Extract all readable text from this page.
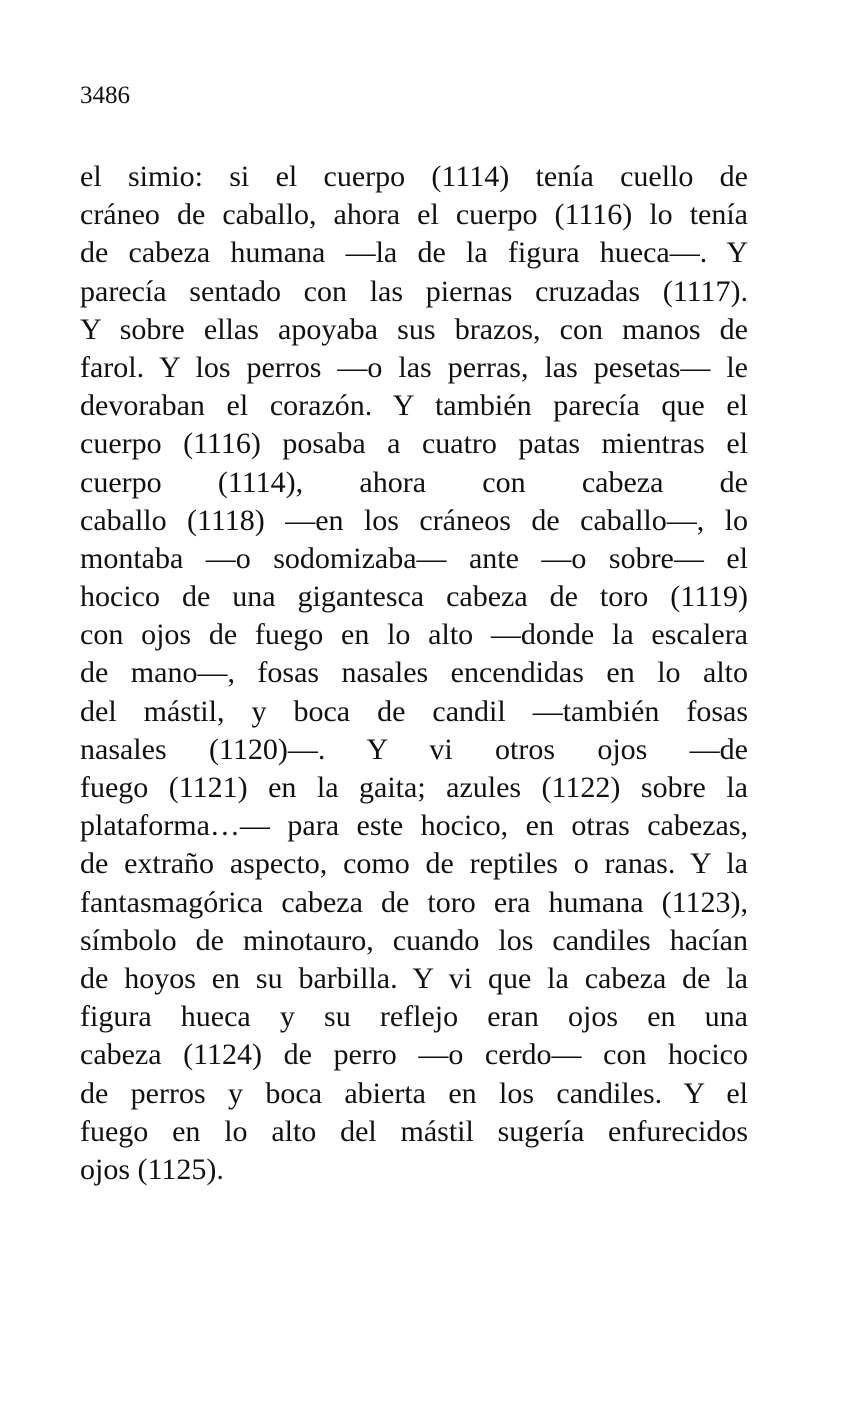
3486

el simio: si el cuerpo (1114) tenía cuello de
cráneo de caballo, ahora el cuerpo (1116) lo tenía
de cabeza humana —la de la figura hueca—. Y
parecía sentado con las piernas cruzadas (1117).
Y sobre ellas apoyaba sus brazos, con manos de
farol. Y los perros —o las perras, las pesetas— le
devoraban el corazón. Y también parecía que el
cuerpo (1116) posaba a cuatro patas mientras el
cuerpo (1114), ahora con cabeza de
caballo (1118) —en los cráneos de caballo—, lo
montaba —o sodomizaba— ante —o sobre— el
hocico de una gigantesca cabeza de toro (1119)
con ojos de fuego en lo alto —donde la escalera
de mano—, fosas nasales encendidas en lo alto
del mástil, y boca de candil —también fosas
nasales (1120)—. Y vi otros ojos —de
fuego (1121) en la gaita; azules (1122) sobre la
plataforma…— para este hocico, en otras cabezas,
de extraño aspecto, como de reptiles o ranas. Y la
fantasmagórica cabeza de toro era humana (1123),
símbolo de minotauro, cuando los candiles hacían
de hoyos en su barbilla. Y vi que la cabeza de la
figura hueca y su reflejo eran ojos en una
cabeza (1124) de perro —o cerdo— con hocico
de perros y boca abierta en los candiles. Y el
fuego en lo alto del mástil sugería enfurecidos
ojos (1125).
